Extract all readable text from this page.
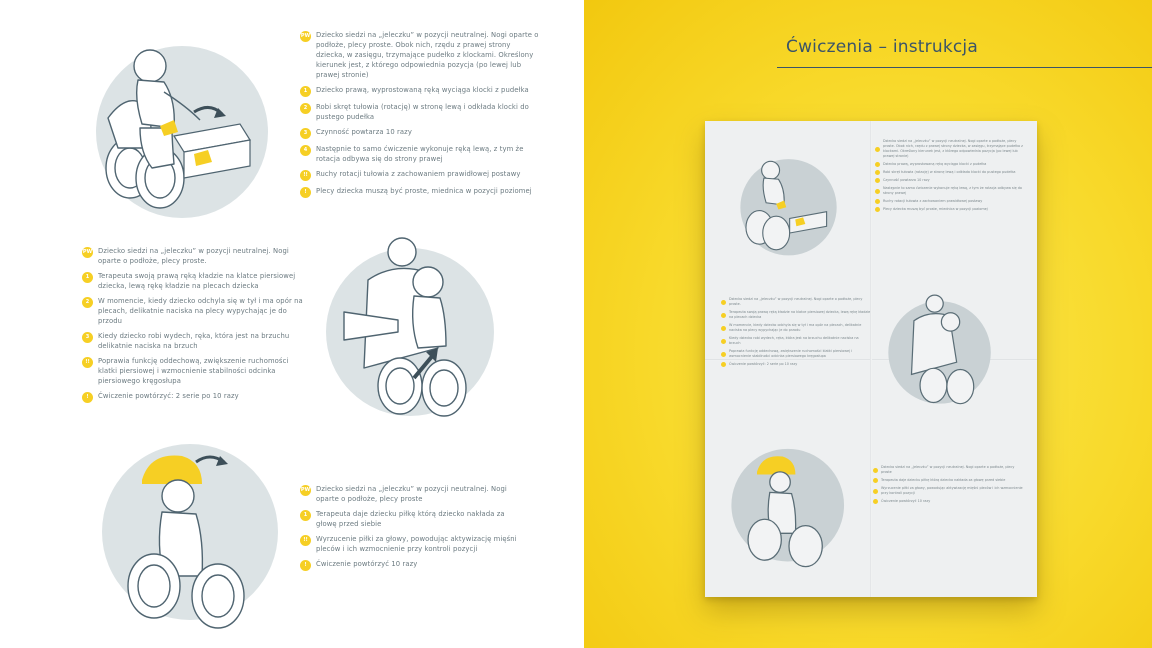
PW Dziecko siedzi na „jeleczku” w pozycji neutralnej. Nogi oparte o podłoże, plecy proste. Obok nich, rzędu z prawej strony dziecka, w zasięgu, trzymające pudełko z klockami. Określony kierunek jest, z którego odpowiednia pozycja (po lewej lub prawej stronie)
1	Dziecko prawą, wyprostowaną ręką wyciąga klocki z pudełka
2	Robi skręt tułowia (rotację) w stronę lewą i odkłada klocki do pustego pudełka
3	Czynność powtarza 10 razy
4	Następnie to samo ćwiczenie wykonuje ręką lewą, z tym że rotacja odbywa się do strony prawej
!!	Ruchy rotacji tułowia z zachowaniem prawidłowej postawy
!	Plecy dziecka muszą być proste, miednica w pozycji poziomej
PW Dziecko siedzi na „jeleczku” w pozycji neutralnej. Nogi oparte o podłoże, plecy proste.
1	Terapeuta swoją prawą ręką kładzie na klatce piersiowej dziecka, lewą rękę kładzie na plecach dziecka
2	W momencie, kiedy dziecko odchyla się w tył i ma opór na plecach, delikatnie naciska na plecy wypychając je do przodu
3	Kiedy dziecko robi wydech, ręka, która jest na brzuchu delikatnie naciska na brzuch
!!	Poprawia funkcję oddechową, zwiększenie ruchomości klatki piersiowej i wzmocnienie stabilności odcinka piersiowego kręgosłupa
!	Ćwiczenie powtórzyć: 2 serie po 10 razy
PW Dziecko siedzi na „jeleczku” w pozycji neutralnej. Nogi oparte o podłoże, plecy proste
1	Terapeuta daje dziecku piłkę którą dziecko nakłada za głowę przed siebie
!!	Wyrzucenie piłki za głowy, powodując aktywizację mięśni pleców i ich wzmocnienie przy kontroli pozycji
!	Ćwiczenie powtórzyć 10 razy
Ćwiczenia – instrukcja
Dziecko siedzi na „jeleczku” w pozycji neutralnej. Nogi oparte o podłoże, plecy proste. Obok nich, rzędu z prawej strony dziecka, w zasięgu, trzymające pudełko z klockami. Określony kierunek jest, z którego odpowiednia pozycja (po lewej lub prawej stronie)
Dziecko prawą, wyprostowaną ręką wyciąga klocki z pudełka
Robi skręt tułowia (rotację) w stronę lewą i odkłada klocki do pustego pudełka
Czynność powtarza 10 razy
Następnie to samo ćwiczenie wykonuje ręką lewą, z tym że rotacja odbywa się do strony prawej
Ruchy rotacji tułowia z zachowaniem prawidłowej postawy
Plecy dziecka muszą być proste, miednica w pozycji poziomej
Dziecko siedzi na „jeleczku” w pozycji neutralnej. Nogi oparte o podłoże, plecy proste.
Terapeuta swoją prawą ręką kładzie na klatce piersiowej dziecka, lewą rękę kładzie na plecach dziecka
W momencie, kiedy dziecko odchyla się w tył i ma opór na plecach, delikatnie naciska na plecy wypychając je do przodu
Kiedy dziecko robi wydech, ręka, która jest na brzuchu delikatnie naciska na brzuch
Poprawia funkcję oddechową, zwiększenie ruchomości klatki piersiowej i wzmocnienie stabilności odcinka piersiowego kręgosłupa
Ćwiczenie powtórzyć: 2 serie po 10 razy
Dziecko siedzi na „jeleczku” w pozycji neutralnej. Nogi oparte o podłoże, plecy proste
Terapeuta daje dziecku piłkę którą dziecko nakłada za głowę przed siebie
Wyrzucenie piłki za głowy, powodując aktywizację mięśni pleców i ich wzmocnienie przy kontroli pozycji
Ćwiczenie powtórzyć 10 razy
